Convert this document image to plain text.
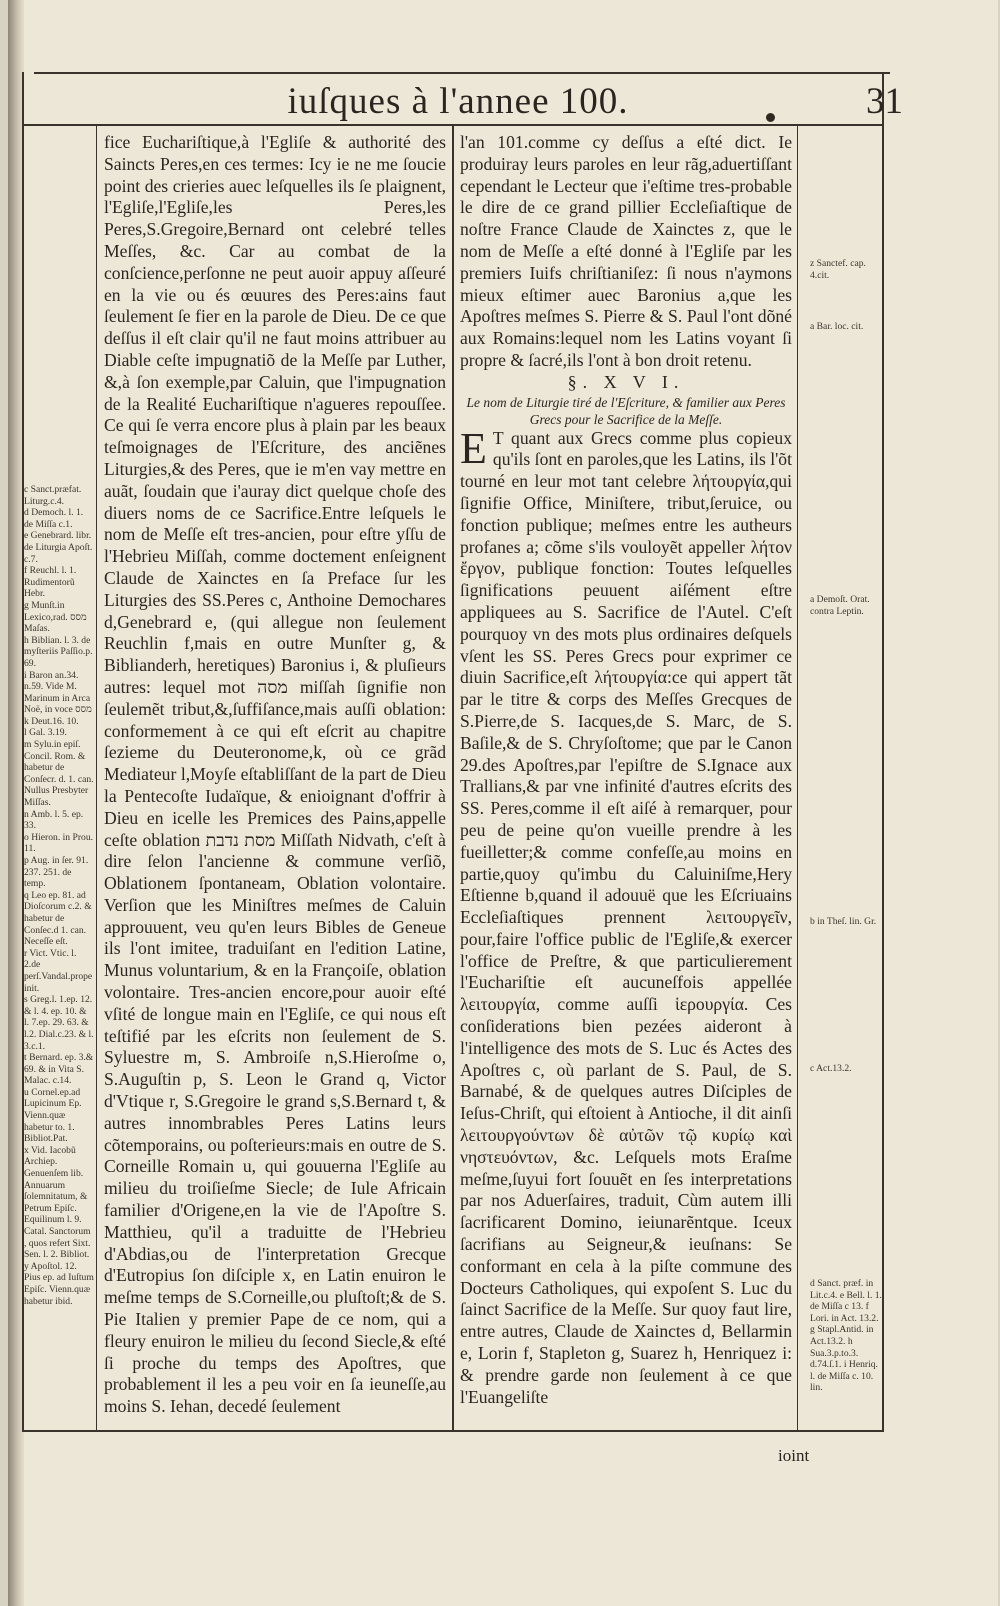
iuſques à l'annee 100.	31

c Sanct.præfat. Liturg.c.4.

d Democh. l. 1. de Miſſa c.1.

e Genebrard. libr. de Liturgia Apoſt. c.7.

f Reuchl. l. 1. Rudimentorũ Hebr.

g Munſt.in Lexico,rad. מסס Maſas.

h Biblian. l. 3. de myſteriis Paſſio.p. 69.

i Baron an.34. n.59. Vide M. Marinum in Arca Noë, in voce מסס

k Deut.16. 10.

l Gal. 3.19.

m Sylu.in epiſ. Concil. Rom. & habetur de Conſecr. d. 1. can. Nullus Presbyter Miſſas.

n Amb. l. 5. ep. 33.

o Hieron. in Prou. 11.

p Aug. in ſer. 91. 237. 251. de temp.

q Leo ep. 81. ad Dioſcorum c.2. & habetur de Conſec.d 1. can. Neceſſe eſt.

r Vict. Vtic. l. 2.de perſ.Vandal.prope init.

s Greg.l. 1.ep. 12. & l. 4. ep. 10. & l. 7.ep. 29. 63. & l.2. Dial.c.23. & l. 3.c.1.

t Bernard. ep. 3.& 69. & in Vita S. Malac. c.14.

u Cornel.ep.ad Lupicinum Ep. Vienn.quæ habetur to. 1. Bibliot.Pat.

x Vid. Iacobũ Archiep. Genuenſem lib. Annuarum ſolemnitatum, & Petrum Epiſc. Equilinum l. 9. Catal. Sanctorum , quos refert Sixt. Sen. l. 2. Bibliot.

y Apoſtol. 12. Pius ep. ad Iuſtum Epiſc. Vienn.quæ habetur ibid.

fice Euchariſtique,à l'Egliſe & authorité des Saincts Peres,en ces termes: Icy ie ne me ſoucie point des crieries auec leſquelles ils ſe plaignent, l'Egliſe,l'Egliſe,les Peres,les Peres,S.Gregoire,Bernard ont celebré telles Meſſes, &c. Car au combat de la conſcience,perſonne ne peut auoir appuy aſſeuré en la vie ou és œuures des Peres:ains faut ſeulement ſe fier en la parole de Dieu. De ce que deſſus il eſt clair qu'il ne faut moins attribuer au Diable ceſte impugnatiõ de la Meſſe par Luther, &,à ſon exemple,par Caluin, que l'impugnation de la Realité Euchariſtique n'agueres repouſſee. Ce qui ſe verra encore plus à plain par les beaux teſmoignages de l'Eſcriture, des anciẽnes Liturgies,& des Peres, que ie m'en vay mettre en auãt, ſoudain que i'auray dict quelque choſe des diuers noms de ce Sacrifice.Entre leſquels le nom de Meſſe eſt tres-ancien, pour eſtre yſſu de l'Hebrieu Miſſah, comme doctement enſeignent Claude de Xainctes en ſa Preface ſur les Liturgies des SS.Peres c, Anthoine Demochares d,Genebrard e, (qui allegue non ſeulement Reuchlin f,mais en outre Munſter g, & Biblianderh, heretiques) Baronius i, & pluſieurs autres: lequel mot מסה miſſah ſignifie non ſeulemẽt tribut,&,ſuffiſance,mais auſſi oblation: conformement à ce qui eſt eſcrit au chapitre ſezieme du Deuteronome,k, où ce grãd Mediateur l,Moyſe eſtabliſſant de la part de Dieu la Pentecoſte Iudaïque, & enioignant d'offrir à Dieu en icelle les Premices des Pains,appelle ceſte oblation מסת נדבת Miſſath Nidvath, c'eſt à dire ſelon l'ancienne & commune verſiõ, Oblationem ſpontaneam, Oblation volontaire. Verſion que les Miniſtres meſmes de Caluin approuuent, veu qu'en leurs Bibles de Geneue ils l'ont imitee, traduiſant en l'edition Latine, Munus voluntarium, & en la Françoiſe, oblation volontaire. Tres-ancien encore,pour auoir eſté vſité de longue main en l'Egliſe, ce qui nous eſt teſtifié par les eſcrits non ſeulement de S. Syluestre m, S. Ambroiſe n,S.Hieroſme o, S.Auguſtin p, S. Leon le Grand q, Victor d'Vtique r, S.Gregoire le grand s,S.Bernard t, & autres innombrables Peres Latins leurs cõtemporains, ou poſterieurs:mais en outre de S. Corneille Romain u, qui gouuerna l'Egliſe au milieu du troiſieſme Siecle; de Iule Africain familier d'Origene,en la vie de l'Apoſtre S. Matthieu, qu'il a traduitte de l'Hebrieu d'Abdias,ou de l'interpretation Grecque d'Eutropius ſon diſciple x, en Latin enuiron le meſme temps de S.Corneille,ou pluſtoſt;& de S. Pie Italien y premier Pape de ce nom, qui a fleury enuiron le milieu du ſecond Siecle,& eſté ſi proche du temps des Apoſtres, que probablement il les a peu voir en ſa ieuneſſe,au moins S. Iehan, decedé ſeulement

l'an 101.comme cy deſſus a eſté dict. Ie produiray leurs paroles en leur rãg,aduertiſſant cependant le Lecteur que i'eſtime tres-probable le dire de ce grand pillier Eccleſiaſtique de noſtre France Claude de Xainctes z, que le nom de Meſſe a eſté donné à l'Egliſe par les premiers Iuifs chriſtianiſez: ſi nous n'aymons mieux eſtimer auec Baronius a,que les Apoſtres meſmes S. Pierre & S. Paul l'ont dõné aux Romains:lequel nom les Latins voyant ſi propre & ſacré,ils l'ont à bon droit retenu.

§. X V I.

Le nom de Liturgie tiré de l'Eſcriture, & familier aux Peres Grecs pour le Sacrifice de la Meſſe.

E T quant aux Grecs comme plus copieux qu'ils ſont en paroles,que les Latins, ils l'õt tourné en leur mot tant celebre λήτουργία,qui ſignifie Office, Miniſtere, tribut,ſeruice, ou fonction publique; meſmes entre les autheurs profanes a; cõme s'ils vouloyẽt appeller λήτον ἔργον, publique fonction: Toutes leſquelles ſignifications peuuent aiſément eſtre appliquees au S. Sacrifice de l'Autel. C'eſt pourquoy vn des mots plus ordinaires deſquels vſent les SS. Peres Grecs pour exprimer ce diuin Sacrifice,eſt λήτουργία:ce qui appert tãt par le titre & corps des Meſſes Grecques de S.Pierre,de S. Iacques,de S. Marc, de S. Baſile,& de S. Chryſoſtome; que par le Canon 29.des Apoſtres,par l'epiſtre de S.Ignace aux Trallians,& par vne infinité d'autres eſcrits des SS. Peres,comme il eſt aiſé à remarquer, pour peu de peine qu'on vueille prendre à les fueilletter;& comme confeſſe,au moins en partie,quoy qu'imbu du Caluiniſme,Hery Eſtienne b,quand il adouuë que les Eſcriuains Eccleſiaſtiques prennent λειτουργεῖν, pour,faire l'office public de l'Egliſe,& exercer l'office de Preſtre, & que particulierement l'Euchariſtie eſt aucuneſfois appellée λειτουργία, comme auſſi ἱερουργία. Ces conſiderations bien pezées aideront à l'intelligence des mots de S. Luc és Actes des Apoſtres c, où parlant de S. Paul, de S. Barnabé, & de quelques autres Diſciples de Ieſus-Chriſt, qui eſtoient à Antioche, il dit ainſi λειτουργούντων δὲ αὐτῶν τῷ κυρίῳ καὶ νηστευόντων, &c. Leſquels mots Eraſme meſme,ſuyui fort ſouuẽt en ſes interpretations par nos Aduerſaires, traduit, Cùm autem illi ſacrificarent Domino, ieiunarẽntque. Iceux ſacrifians au Seigneur,& ieuſnans: Se conformant en cela à la piſte commune des Docteurs Catholiques, qui expoſent S. Luc du ſainct Sacrifice de la Meſſe. Sur quoy faut lire, entre autres, Claude de Xainctes d, Bellarmin e, Lorin f, Stapleton g, Suarez h, Henriquez i: & prendre garde non ſeulement à ce que l'Euangeliſte

z Sanctef. cap. 4.cit.
a Bar. loc. cit.
a Demoſt. Orat. contra Leptin.
b in Theſ. lin. Gr.
c Act.13.2.
d Sanct. præf. in Lit.c.4. e Bell. l. 1. de Miſſa c 13. f Lori. in Act. 13.2. g Stapl.Antid. in Act.13.2. h Sua.3.p.to.3. d.74.ſ.1. i Henriq. l. de Miſſa c. 10. lin.
ioint
